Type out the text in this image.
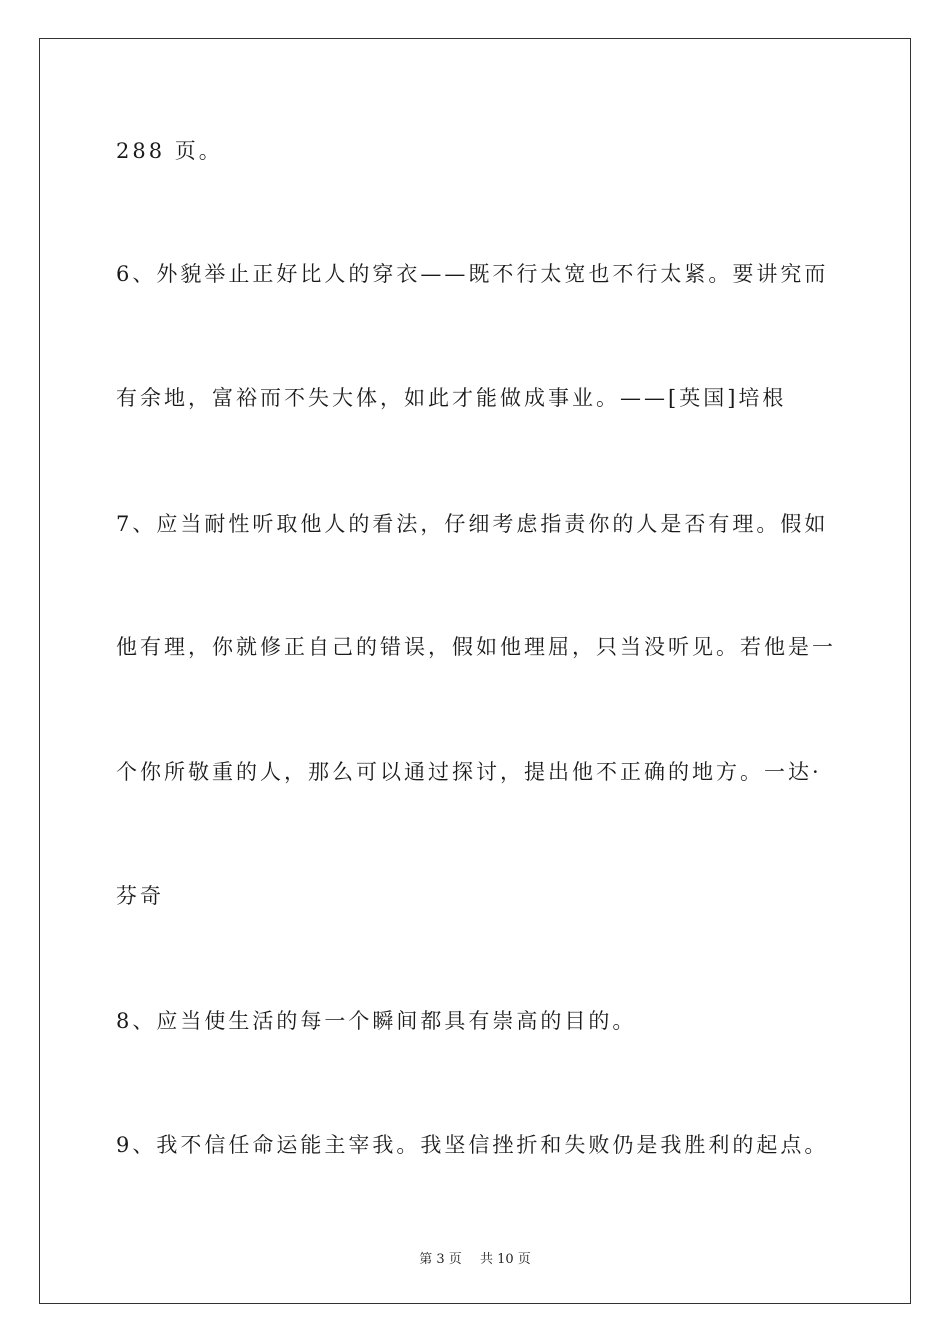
288 页。
6、外貌举止正好比人的穿衣——既不行太宽也不行太紧。要讲究而
有余地，富裕而不失大体，如此才能做成事业。——[英国]培根
7、应当耐性听取他人的看法，仔细考虑指责你的人是否有理。假如
他有理，你就修正自己的错误，假如他理屈，只当没听见。若他是一
个你所敬重的人，那么可以通过探讨，提出他不正确的地方。一达·
芬奇
8、应当使生活的每一个瞬间都具有崇高的目的。
9、我不信任命运能主宰我。我坚信挫折和失败仍是我胜利的起点。
第 3 页 共 10 页
